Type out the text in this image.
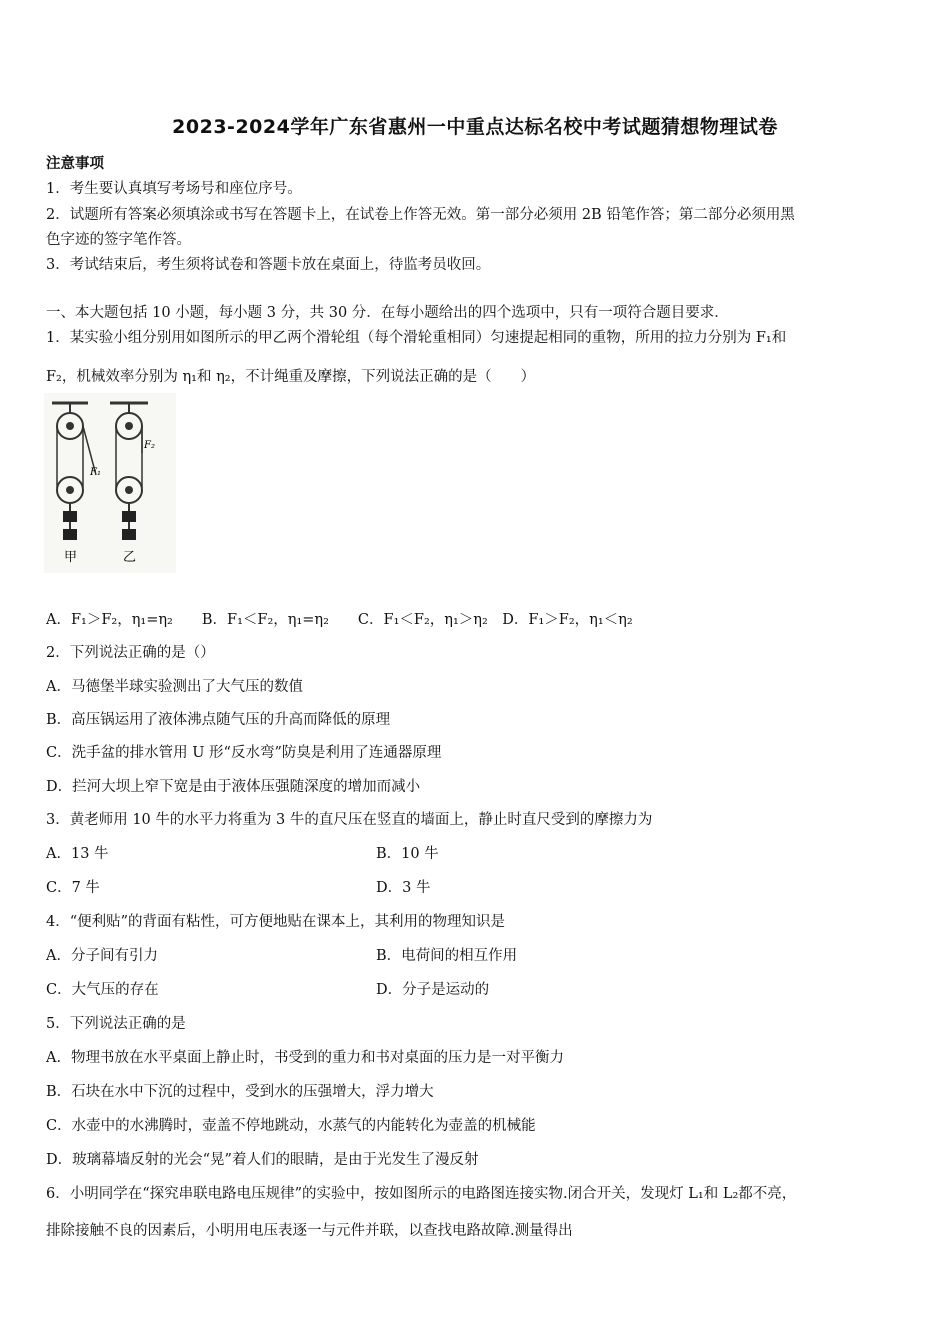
2023-2024学年广东省惠州一中重点达标名校中考试题猜想物理试卷
注意事项
1．考生要认真填写考场号和座位序号。
2．试题所有答案必须填涂或书写在答题卡上，在试卷上作答无效。第一部分必须用 2B 铅笔作答；第二部分必须用黑
色字迹的签字笔作答。
3．考试结束后，考生须将试卷和答题卡放在桌面上，待监考员收回。
一、本大题包括 10 小题，每小题 3 分，共 30 分．在每小题给出的四个选项中，只有一项符合题目要求．
1．某实验小组分别用如图所示的甲乙两个滑轮组（每个滑轮重相同）匀速提起相同的重物，所用的拉力分别为 F₁和
F₂，机械效率分别为 η₁和 η₂，不计绳重及摩擦，下列说法正确的是（　　）
F₁
F₂
甲	乙
A．F₁＞F₂，η₁=η₂　　B．F₁＜F₂，η₁=η₂　　C．F₁＜F₂，η₁＞η₂　D．F₁＞F₂，η₁＜η₂
2．下列说法正确的是（）
A．马德堡半球实验测出了大气压的数值
B．高压锅运用了液体沸点随气压的升高而降低的原理
C．洗手盆的排水管用 U 形“反水弯”防臭是利用了连通器原理
D．拦河大坝上窄下宽是由于液体压强随深度的增加而减小
3．黄老师用 10 牛的水平力将重为 3 牛的直尺压在竖直的墙面上，静止时直尺受到的摩擦力为
A．13 牛	B．10 牛
C．7 牛	D．3 牛
4．“便利贴”的背面有粘性，可方便地贴在课本上，其利用的物理知识是
A．分子间有引力	B．电荷间的相互作用
C．大气压的存在	D．分子是运动的
5．下列说法正确的是
A．物理书放在水平桌面上静止时，书受到的重力和书对桌面的压力是一对平衡力
B．石块在水中下沉的过程中，受到水的压强增大，浮力增大
C．水壶中的水沸腾时，壶盖不停地跳动，水蒸气的内能转化为壶盖的机械能
D．玻璃幕墙反射的光会“晃”着人们的眼睛，是由于光发生了漫反射
6．小明同学在“探究串联电路电压规律”的实验中，按如图所示的电路图连接实物.闭合开关，发现灯 L₁和 L₂都不亮，
排除接触不良的因素后，小明用电压表逐一与元件并联，以查找电路故障.测量得出
